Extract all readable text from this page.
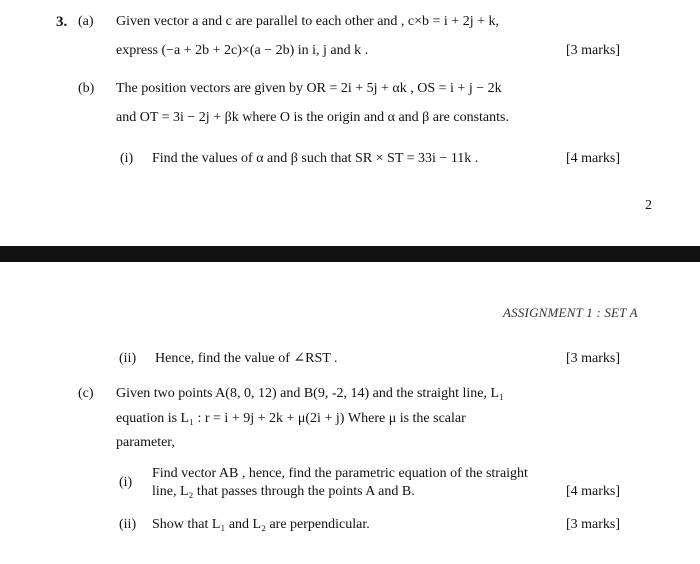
3. (a) Given vector a and c are parallel to each other and , c×b = i + 2j + k,
express (−a + 2b + 2c)×(a − 2b) in i, j and k .	[3 marks]
(b) The position vectors are given by OR = 2i + 5j + αk , OS = i + j − 2k
and OT = 3i − 2j + βk where O is the origin and α and β are constants.
(i) Find the values of α and β such that SR × ST = 33i − 11k .	[4 marks]
2
ASSIGNMENT 1 : SET A
(ii) Hence, find the value of ∠RST .	[3 marks]
(c) Given two points A(8, 0, 12) and B(9, -2, 14) and the straight line, L₁
equation is L₁ : r = i + 9j + 2k + μ(2i + j) Where μ is the scalar
parameter,
(i)
Find vector AB , hence, find the parametric equation of the straight
line, L₂ that passes through the points A and B.	[4 marks]
(ii) Show that L₁ and L₂ are perpendicular.	[3 marks]
